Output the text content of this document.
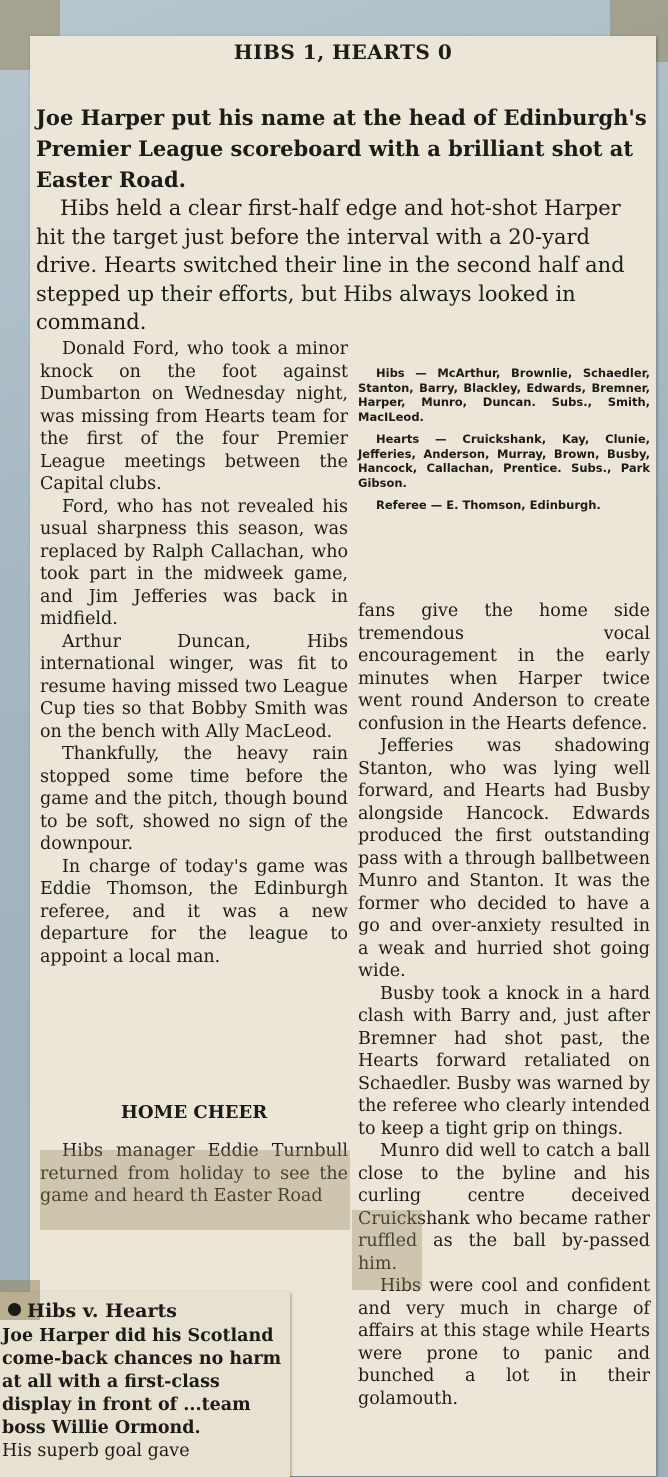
HIBS 1, HEARTS 0

Joe Harper put his name at the head of Edinburgh's Premier League scoreboard with a brilliant shot at Easter Road.

Hibs held a clear first-half edge and hot-shot Harper hit the target just before the interval with a 20-yard drive. Hearts switched their line in the second half and stepped up their efforts, but Hibs always looked in command.

Donald Ford, who took a minor knock on the foot against Dumbarton on Wednesday night, was missing from Hearts team for the first of the four Premier League meetings between the Capital clubs.

Ford, who has not revealed his usual sharpness this season, was replaced by Ralph Callachan, who took part in the midweek game, and Jim Jefferies was back in midfield.

Arthur Duncan, Hibs international winger, was fit to resume having missed two League Cup ties so that Bobby Smith was on the bench with Ally MacLeod.

Thankfully, the heavy rain stopped some time before the game and the pitch, though bound to be soft, showed no sign of the downpour.

In charge of today's game was Eddie Thomson, the Edinburgh referee, and it was a new departure for the league to appoint a local man.

HOME CHEER

Hibs manager Eddie Turnbull returned from holiday to see the game and heard th Easter Road

Hibs — McArthur, Brownlie, Schaedler, Stanton, Barry, Blackley, Edwards, Bremner, Harper, Munro, Duncan. Subs., Smith, MacILeod.

Hearts — Cruickshank, Kay, Clunie, Jefferies, Anderson, Murray, Brown, Busby, Hancock, Callachan, Prentice. Subs., Park Gibson.

Referee — E. Thomson, Edinburgh.

fans give the home side tremendous vocal encouragement in the early minutes when Harper twice went round Anderson to create confusion in the Hearts defence.

Jefferies was shadowing Stanton, who was lying well forward, and Hearts had Busby alongside Hancock. Edwards produced the first outstanding pass with a through ballbetween Munro and Stanton. It was the former who decided to have a go and over-anxiety resulted in a weak and hurried shot going wide.

Busby took a knock in a hard clash with Barry and, just after Bremner had shot past, the Hearts forward retaliated on Schaedler. Busby was warned by the referee who clearly intended to keep a tight grip on things.

Munro did well to catch a ball close to the byline and his curling centre deceived Cruickshank who became rather ruffled as the ball by-passed him.

Hibs were cool and confident and very much in charge of affairs at this stage while Hearts were prone to panic and bunched a lot in their golamouth.

Hibs v. Hearts

Joe Harper did his Scotland come-back chances no harm at all with a first-class display in front of ...team boss Willie Ormond.

His superb goal gave
